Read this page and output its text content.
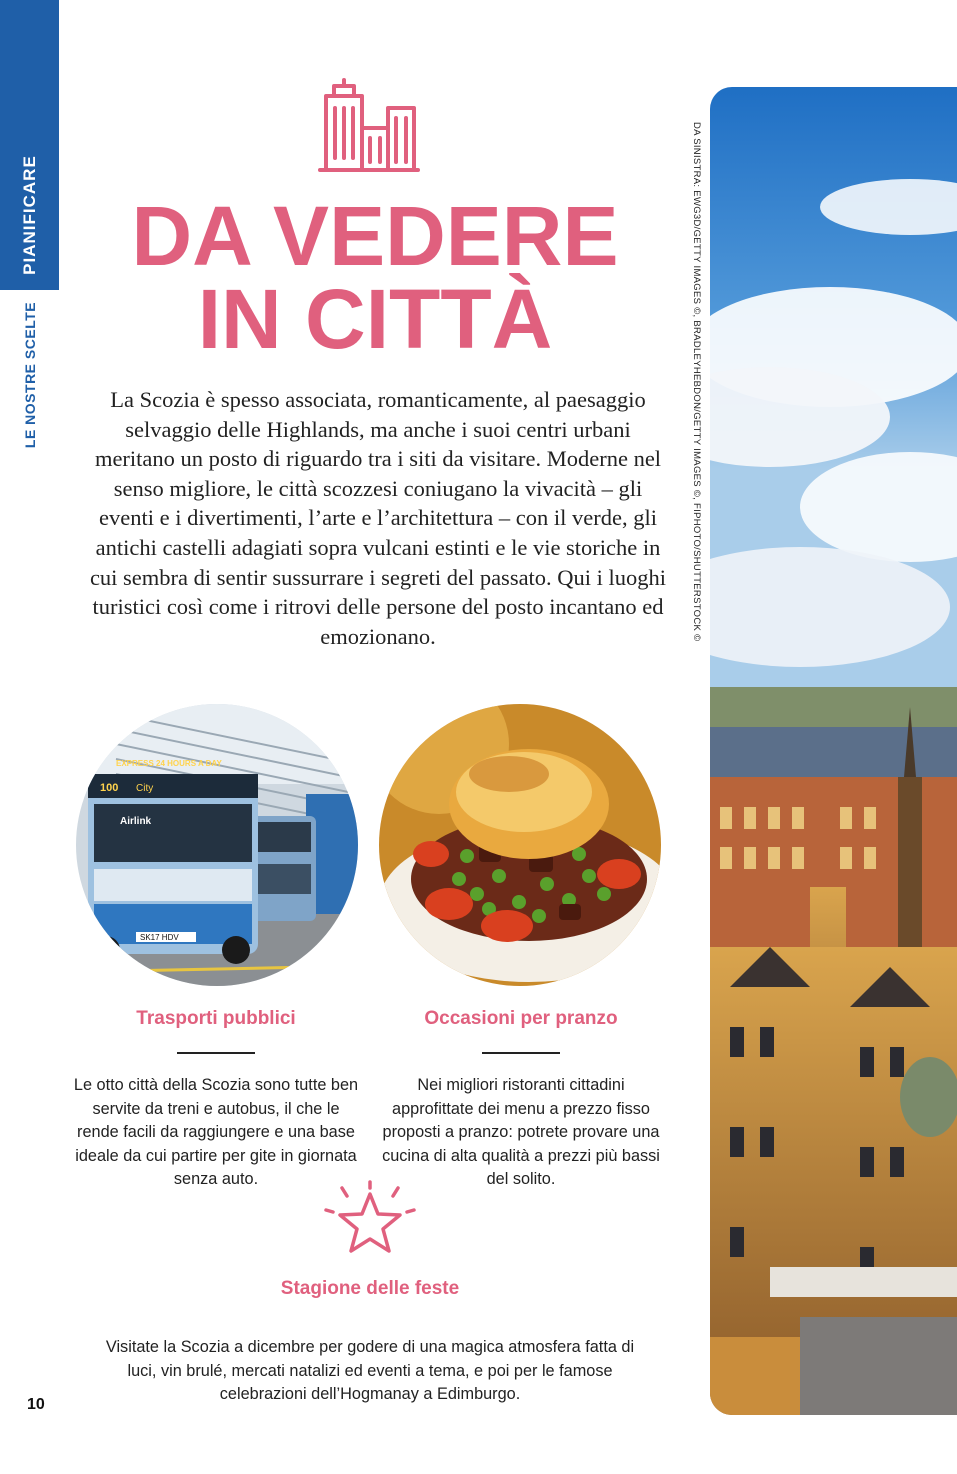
PIANIFICARE
LE NOSTRE SCELTE
10
DA VEDERE
IN CITTÀ
La Scozia è spesso associata, romanticamente, al paesaggio selvaggio delle Highlands, ma anche i suoi centri urbani meritano un posto di riguardo tra i siti da visitare. Moderne nel senso migliore, le città scozzesi coniugano la vivacità – gli eventi e i divertimenti, l’arte e l’architettura – con il verde, gli antichi castelli adagiati sopra vulcani estinti e le vie storiche in cui sembra di sentir sussurrare i segreti del passato. Qui i luoghi turistici così come i ritrovi delle persone del posto incantano ed emozionano.
100 City
EXPRESS 24 HOURS A DAY
Airlink
SK17 HDV
Trasporti pubblici

Le otto città della Scozia sono tutte ben servite da treni e autobus, il che le rende facili da raggiungere e una base ideale da cui partire per gite in giornata senza auto.

Occasioni per pranzo

Nei migliori ristoranti cittadini approfittate dei menu a prezzo fisso proposti a pranzo: potrete provare una cucina di alta qualità a prezzi più bassi del solito.

Stagione delle feste

Visitate la Scozia a dicembre per godere di una magica atmosfera fatta di luci, vin brulé, mercati natalizi ed eventi a tema, e poi per le famose celebrazioni dell’Hogmanay a Edimburgo.

DA SINISTRA: EWG3D/GETTY IMAGES ©, BRADLEYHEBDON/GETTY IMAGES ©, FIPHOTO/SHUTTERSTOCK ©
